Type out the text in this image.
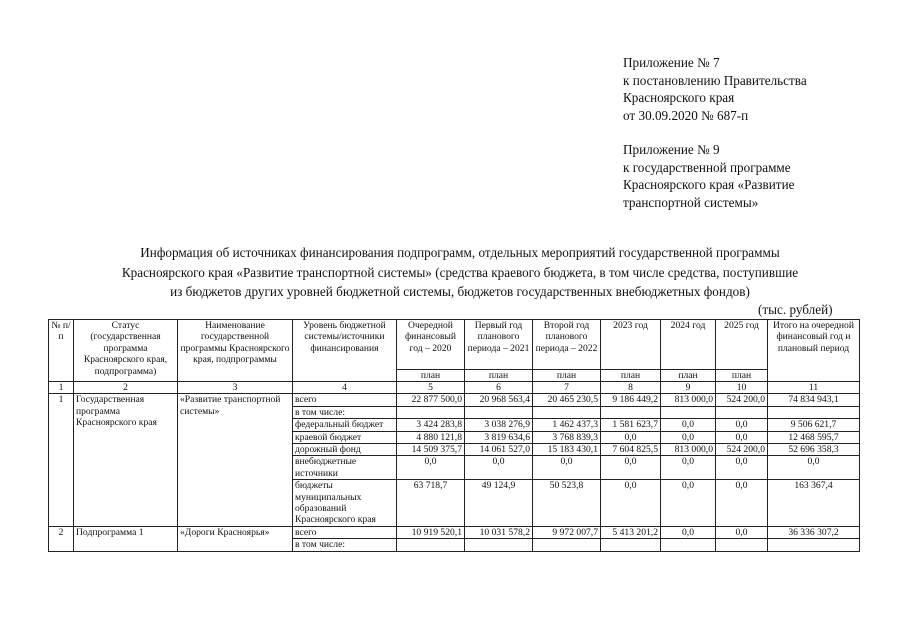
Приложение № 7
к постановлению Правительства
Красноярского края
от 30.09.2020 № 687-п
Приложение № 9
к государственной программе
Красноярского края «Развитие
транспортной системы»
Информация об источниках финансирования подпрограмм, отдельных мероприятий государственной программы
Красноярского края «Развитие транспортной системы» (средства краевого бюджета, в том числе средства, поступившие
из бюджетов других уровней бюджетной системы, бюджетов государственных внебюджетных фондов)
(тыс. рублей)
№ п/п	Статус (государственная программа Красноярского края, подпрограмма)	Наименование государственной программы Красноярского края, подпрограммы	Уровень бюджетной системы/источники финансирования	Очередной финансовый год – 2020	Первый год планового периода – 2021	Второй год планового периода – 2022	2023 год	2024 год	2025 год	Итого на очередной финансовый год и плановый период
				план	план	план	план	план	план	
1	2	3	4	5	6	7	8	9	10	11
1	Государственная программа Красноярского края	«Развитие транспортной системы»	всего	22 877 500,0	20 968 563,4	20 465 230,5	9 186 449,2	813 000,0	524 200,0	74 834 943,1
			в том числе:							
			федеральный бюджет	3 424 283,8	3 038 276,9	1 462 437,3	1 581 623,7	0,0	0,0	9 506 621,7
			краевой бюджет	4 880 121,8	3 819 634,6	3 768 839,3	0,0	0,0	0,0	12 468 595,7
			дорожный фонд	14 509 375,7	14 061 527,0	15 183 430,1	7 604 825,5	813 000,0	524 200,0	52 696 358,3
			внебюджетные источники	0,0	0,0	0,0	0,0	0,0	0,0	0,0
			бюджеты муниципальных образований Красноярского края	63 718,7	49 124,9	50 523,8	0,0	0,0	0,0	163 367,4
2	Подпрограмма 1	«Дороги Красноярья»	всего	10 919 520,1	10 031 578,2	9 972 007,7	5 413 201,2	0,0	0,0	36 336 307,2
			в том числе:							
